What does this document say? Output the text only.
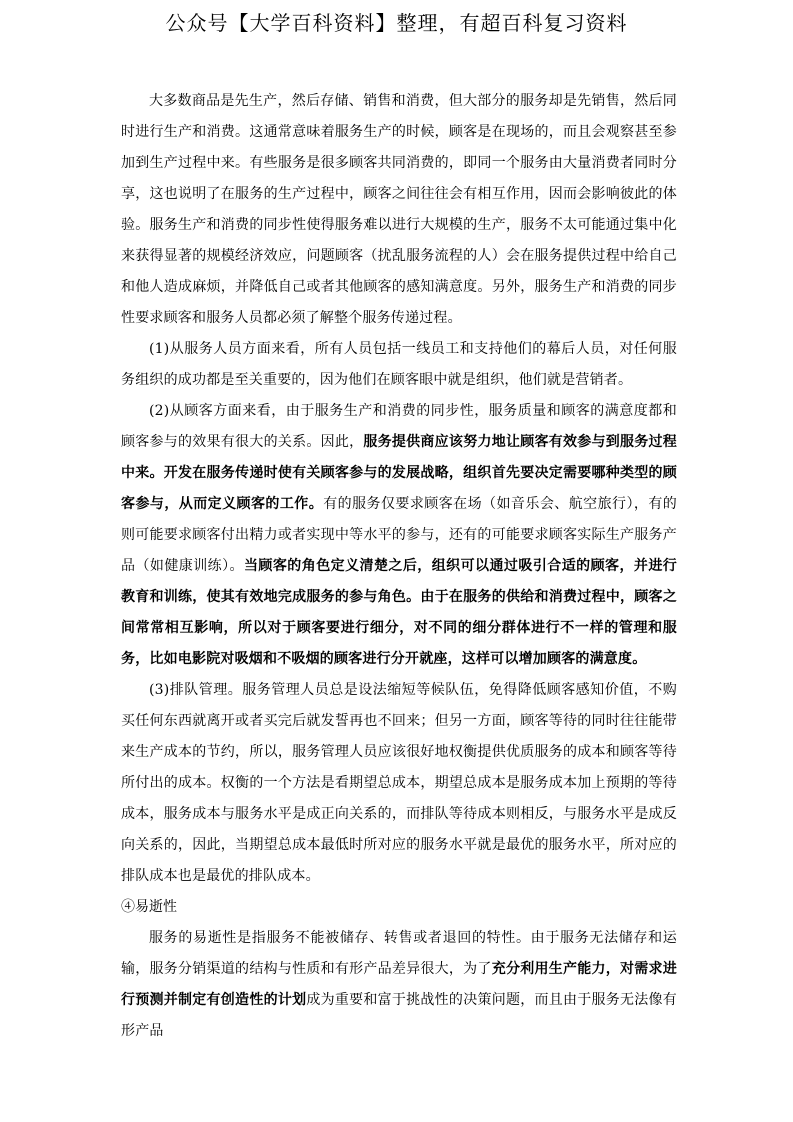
公众号【大学百科资料】整理，有超百科复习资料

大多数商品是先生产，然后存储、销售和消费，但大部分的服务却是先销售，然后同时进行生产和消费。这通常意味着服务生产的时候，顾客是在现场的，而且会观察甚至参加到生产过程中来。有些服务是很多顾客共同消费的，即同一个服务由大量消费者同时分享，这也说明了在服务的生产过程中，顾客之间往往会有相互作用，因而会影响彼此的体验。服务生产和消费的同步性使得服务难以进行大规模的生产，服务不太可能通过集中化来获得显著的规模经济效应，问题顾客（扰乱服务流程的人）会在服务提供过程中给自己和他人造成麻烦，并降低自己或者其他顾客的感知满意度。另外，服务生产和消费的同步性要求顾客和服务人员都必须了解整个服务传递过程。

(1)从服务人员方面来看，所有人员包括一线员工和支持他们的幕后人员，对任何服务组织的成功都是至关重要的，因为他们在顾客眼中就是组织，他们就是营销者。

(2)从顾客方面来看，由于服务生产和消费的同步性，服务质量和顾客的满意度都和顾客参与的效果有很大的关系。因此，服务提供商应该努力地让顾客有效参与到服务过程中来。开发在服务传递时使有关顾客参与的发展战略，组织首先要决定需要哪种类型的顾客参与，从而定义顾客的工作。有的服务仅要求顾客在场（如音乐会、航空旅行），有的则可能要求顾客付出精力或者实现中等水平的参与，还有的可能要求顾客实际生产服务产品（如健康训练）。当顾客的角色定义清楚之后，组织可以通过吸引合适的顾客，并进行教育和训练，使其有效地完成服务的参与角色。由于在服务的供给和消费过程中，顾客之间常常相互影响，所以对于顾客要进行细分，对不同的细分群体进行不一样的管理和服务，比如电影院对吸烟和不吸烟的顾客进行分开就座，这样可以增加顾客的满意度。

(3)排队管理。服务管理人员总是设法缩短等候队伍，免得降低顾客感知价值，不购买任何东西就离开或者买完后就发誓再也不回来；但另一方面，顾客等待的同时往往能带来生产成本的节约，所以，服务管理人员应该很好地权衡提供优质服务的成本和顾客等待所付出的成本。权衡的一个方法是看期望总成本，期望总成本是服务成本加上预期的等待成本，服务成本与服务水平是成正向关系的，而排队等待成本则相反，与服务水平是成反向关系的，因此，当期望总成本最低时所对应的服务水平就是最优的服务水平，所对应的排队成本也是最优的排队成本。

④易逝性

服务的易逝性是指服务不能被储存、转售或者退回的特性。由于服务无法储存和运输，服务分销渠道的结构与性质和有形产品差异很大，为了充分利用生产能力，对需求进行预测并制定有创造性的计划成为重要和富于挑战性的决策问题，而且由于服务无法像有形产品
